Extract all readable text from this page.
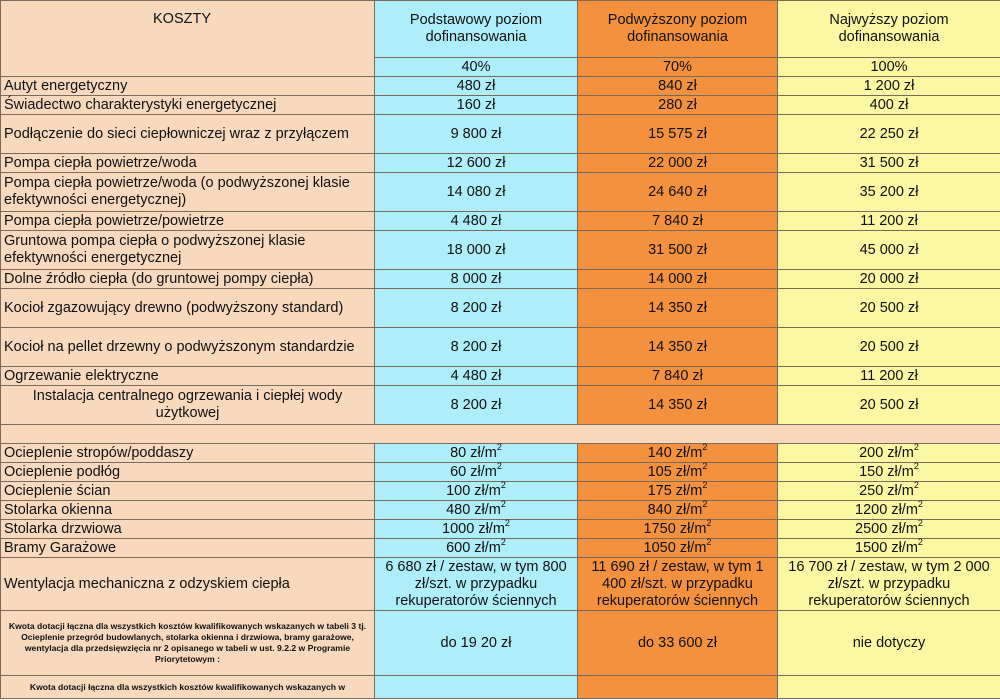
KOSZTY	Podstawowy poziom dofinansowania	Podwyższony poziom dofinansowania	Najwyższy poziom dofinansowania
	40%	70%	100%
Autyt energetyczny	480 zł	840 zł	1 200 zł
Świadectwo charakterystyki energetycznej	160 zł	280 zł	400 zł
Podłączenie do sieci ciepłowniczej wraz z przyłączem	9 800 zł	15 575 zł	22 250 zł
Pompa ciepła powietrze/woda	12 600 zł	22 000 zł	31 500 zł
Pompa ciepła powietrze/woda (o podwyższonej klasie efektywności energetycznej)	14 080 zł	24 640 zł	35 200 zł
Pompa ciepła powietrze/powietrze	4 480 zł	7 840 zł	11 200 zł
Gruntowa pompa ciepła o podwyższonej klasie efektywności energetycznej	18 000 zł	31 500 zł	45 000 zł
Dolne źródło ciepła (do gruntowej pompy ciepła)	8 000 zł	14 000 zł	20 000 zł
Kocioł zgazowujący drewno (podwyższony standard)	8 200 zł	14 350 zł	20 500 zł
Kocioł na pellet drzewny o podwyższonym standardzie	8 200 zł	14 350 zł	20 500 zł
Ogrzewanie elektryczne	4 480 zł	7 840 zł	11 200 zł
Instalacja centralnego ogrzewania i ciepłej wody użytkowej	8 200 zł	14 350 zł	20 500 zł

Ocieplenie stropów/poddaszy	80 $zł/m^2$	140 $zł/m^2$	200 $zł/m^2$
Ocieplenie podłóg	60 $zł/m^2$	105 $zł/m^2$	150 $zł/m^2$
Ocieplenie ścian	100 $zł/m^2$	175 $zł/m^2$	250 $zł/m^2$
Stolarka okienna	480 $zł/m^2$	840 $zł/m^2$	1200 $zł/m^2$
Stolarka drzwiowa	1000 $zł/m^2$	1750 $zł/m^2$	2500 $zł/m^2$
Bramy Garażowe	600 $zł/m^2$	1050 $zł/m^2$	1500 $zł/m^2$
Wentylacja mechaniczna z odzyskiem ciepła	6 680 zł / zestaw, w tym 800 zł/szt. w przypadku rekuperatorów ściennych	11 690 zł / zestaw, w tym 1 400 zł/szt. w przypadku rekuperatorów ściennych	16 700 zł / zestaw, w tym 2 000 zł/szt. w przypadku rekuperatorów ściennych
Kwota dotacji łączna dla wszystkich kosztów kwalifikowanych wskazanych w tabeli 3 tj. Ocieplenie przegród budowlanych, stolarka okienna i drzwiowa, bramy garażowe, wentylacja dla przedsięwzięcia nr 2 opisanego w tabeli w ust. 9.2.2 w Programie Priorytetowym :	do 19 20 zł	do 33 600 zł	nie dotyczy
Kwota dotacji łączna dla wszystkich kosztów kwalifikowanych wskazanych w			
